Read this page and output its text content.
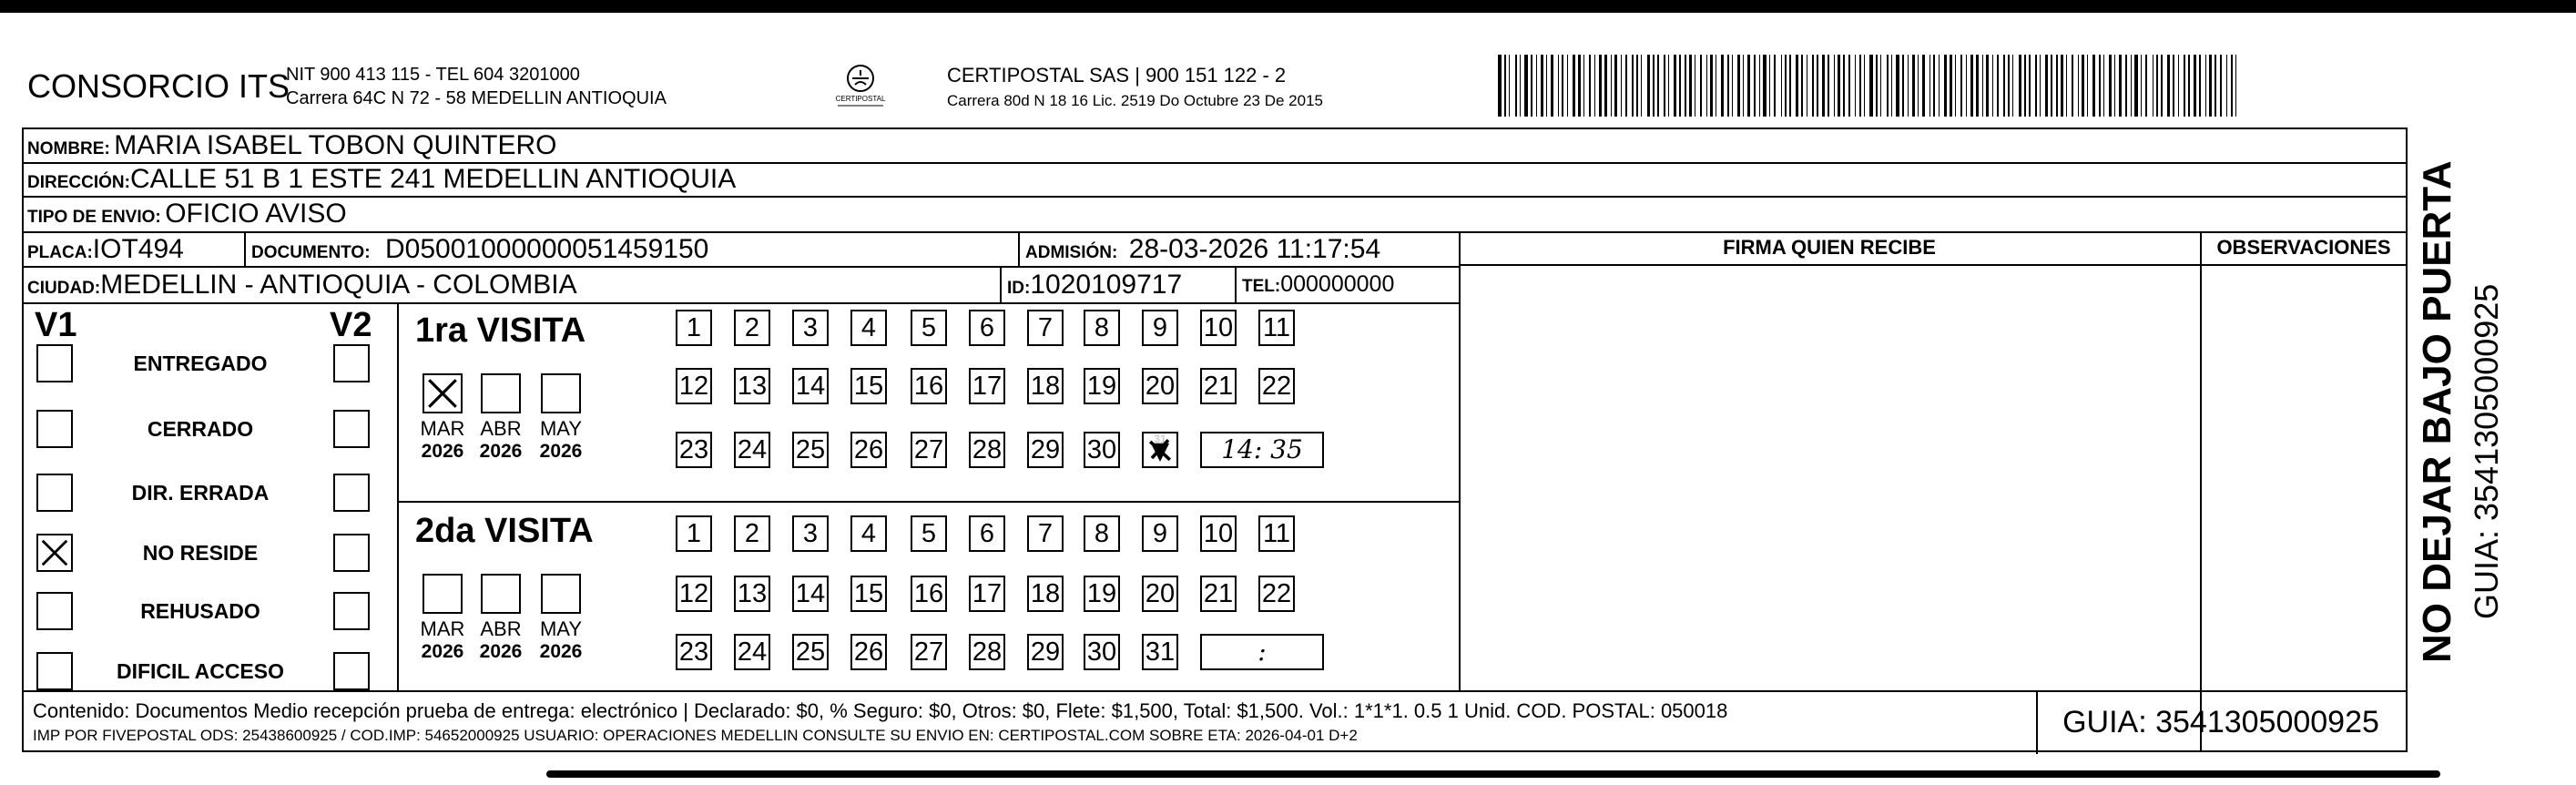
CONSORCIO ITS
NIT 900 413 115 - TEL 604 3201000
Carrera 64C N 72 - 58 MEDELLIN ANTIOQUIA	CERTIPOSTAL
CERTIPOSTAL SAS | 900 151 122 - 2
Carrera 80d N 18 16 Lic. 2519 Do Octubre 23 De 2015
NOMBRE: MARIA ISABEL TOBON QUINTERO
DIRECCIÓN:CALLE 51 B 1 ESTE 241 MEDELLIN ANTIOQUIA
TIPO DE ENVIO: OFICIO AVISO
FIRMA QUIEN RECIBE	OBSERVACIONES
PLACA:IOT494	DOCUMENTO: D05001000000051459150	ADMISIÓN: 28-03-2026 11:17:54
CIUDAD:MEDELLIN - ANTIOQUIA - COLOMBIA	ID:1020109717	TEL:000000000
V1	V2
ENTREGADO
CERRADO
DIR. ERRADA
NO RESIDE
REHUSADO
DIFICIL ACCESO
1ra VISITA
MAR
2026
ABR
2026
MAY
2026
1	2	3	4	5	6	7	8	9	10 11
12 13 14 15 16 17 18 19 20 21 22
23 24 25 26 27 28 29 30	31	14: 35
2da VISITA
MAR
2026
ABR
2026
MAY
2026
1	2	3	4	5	6	7	8	9	10 11
12 13 14 15 16 17 18 19 20 21 22
23 24 25 26 27 28 29 30 31	:
Contenido: Documentos Medio recepción prueba de entrega: electrónico | Declarado: $0, % Seguro: $0, Otros: $0, Flete: $1,500, Total: $1,500. Vol.: 1*1*1. 0.5 1 Unid. COD. POSTAL: 050018
IMP POR FIVEPOSTAL ODS: 25438600925 / COD.IMP: 54652000925 USUARIO: OPERACIONES MEDELLIN CONSULTE SU ENVIO EN: CERTIPOSTAL.COM SOBRE ETA: 2026-04-01 D+2	GUIA: 3541305000925
NO DEJAR BAJO PUERTA GUIA: 3541305000925
